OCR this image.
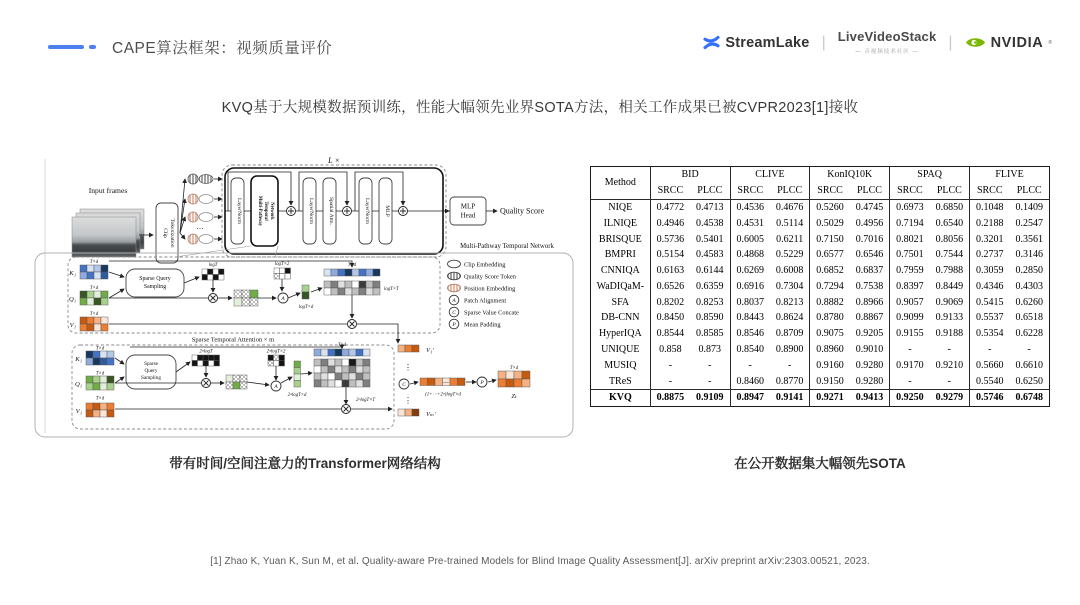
CAPE算法框架：视频质量评价	StreamLake | LiveVideoStack
— 音视频技术社区 —
|	NVIDIA ®
KVQ基于大规模数据预训练，性能大幅领先业界SOTA方法，相关工作成果已被CVPR2023[1]接收
Input frames
Clip Tokenization	⋯
L ×
LayerNorm	Multi-Pathway Temporal Network	LayerNorm	Spatial Attn.	LayerNorm	MLP	MLP
Head	Quality Score
Multi-Pathway Temporal Network
K₁
T×d
Q₁
T×d
V₁
T×d
Sparse Query
Sampling
logT	logT×2
A
logT×d
T×d
logT×T
Clip Embedding
Quality Score Token
Position Embedding
A Patch Alignment
C Sparse Value Concate
P Mean Padding
Sparse Temporal Attention × m
K₁
T×d
Q₁
T×d
V₁
T×d
Sparse
Query
Sampling
2ᵐlogT	2ᵐlogT×2
A
2ᵐlogT×d
T×d
2ᵐlogT×T
V₁′
⋮
C	⋯
(1+⋯+2ᵐ)logT×d
P
T×d
Zₜ
⋮
Vₘ′
Method	BID		CLIVE		KonIQ10K		SPAQ		FLIVE	
	SRCC	PLCC	SRCC	PLCC	SRCC	PLCC	SRCC	PLCC	SRCC	PLCC
NIQE	0.4772	0.4713	0.4536	0.4676	0.5260	0.4745	0.6973	0.6850	0.1048	0.1409
ILNIQE	0.4946	0.4538	0.4531	0.5114	0.5029	0.4956	0.7194	0.6540	0.2188	0.2547
BRISQUE	0.5736	0.5401	0.6005	0.6211	0.7150	0.7016	0.8021	0.8056	0.3201	0.3561
BMPRI	0.5154	0.4583	0.4868	0.5229	0.6577	0.6546	0.7501	0.7544	0.2737	0.3146
CNNIQA	0.6163	0.6144	0.6269	0.6008	0.6852	0.6837	0.7959	0.7988	0.3059	0.2850
WaDIQaM-	0.6526	0.6359	0.6916	0.7304	0.7294	0.7538	0.8397	0.8449	0.4346	0.4303
SFA	0.8202	0.8253	0.8037	0.8213	0.8882	0.8966	0.9057	0.9069	0.5415	0.6260
DB-CNN	0.8450	0.8590	0.8443	0.8624	0.8780	0.8867	0.9099	0.9133	0.5537	0.6518
HyperIQA	0.8544	0.8585	0.8546	0.8709	0.9075	0.9205	0.9155	0.9188	0.5354	0.6228
UNIQUE	0.858	0.873	0.8540	0.8900	0.8960	0.9010	-	-	-	-
MUSIQ	-	-	-	-	0.9160	0.9280	0.9170	0.9210	0.5660	0.6610
TReS	-	-	0.8460	0.8770	0.9150	0.9280	-	-	0.5540	0.6250
KVQ	0.8875	0.9109	0.8947	0.9141	0.9271	0.9413	0.9250	0.9279	0.5746	0.6748
带有时间/空间注意力的Transformer网络结构	在公开数据集大幅领先SOTA
[1] Zhao K, Yuan K, Sun M, et al. Quality-aware Pre-trained Models for Blind Image Quality Assessment[J]. arXiv preprint arXiv:2303.00521, 2023.
